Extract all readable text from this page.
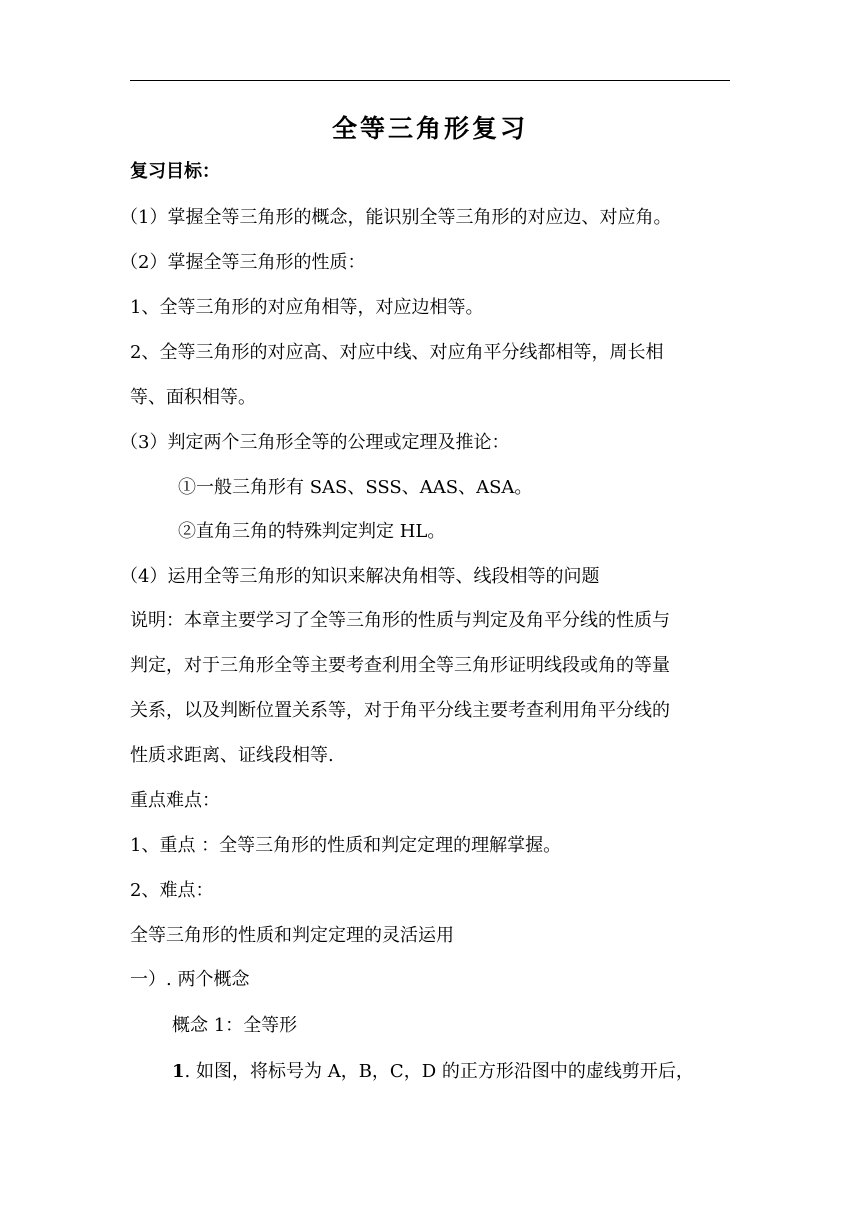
全等三角形复习
复习目标：
（1）掌握全等三角形的概念，能识别全等三角形的对应边、对应角。
（2）掌握全等三角形的性质：
1、全等三角形的对应角相等，对应边相等。
2、全等三角形的对应高、对应中线、对应角平分线都相等，周长相
等、面积相等。
（3）判定两个三角形全等的公理或定理及推论：
①一般三角形有 SAS、SSS、AAS、ASA。
②直角三角的特殊判定判定 HL。
（4）运用全等三角形的知识来解决角相等、线段相等的问题
说明：本章主要学习了全等三角形的性质与判定及角平分线的性质与
判定，对于三角形全等主要考查利用全等三角形证明线段或角的等量
关系，以及判断位置关系等，对于角平分线主要考查利用角平分线的
性质求距离、证线段相等.
重点难点：
1、重点 ：全等三角形的性质和判定定理的理解掌握。
2、难点：
全等三角形的性质和判定定理的灵活运用
一）. 两个概念
概念 1：全等形
1. 如图，将标号为 A，B，C，D 的正方形沿图中的虚线剪开后，
